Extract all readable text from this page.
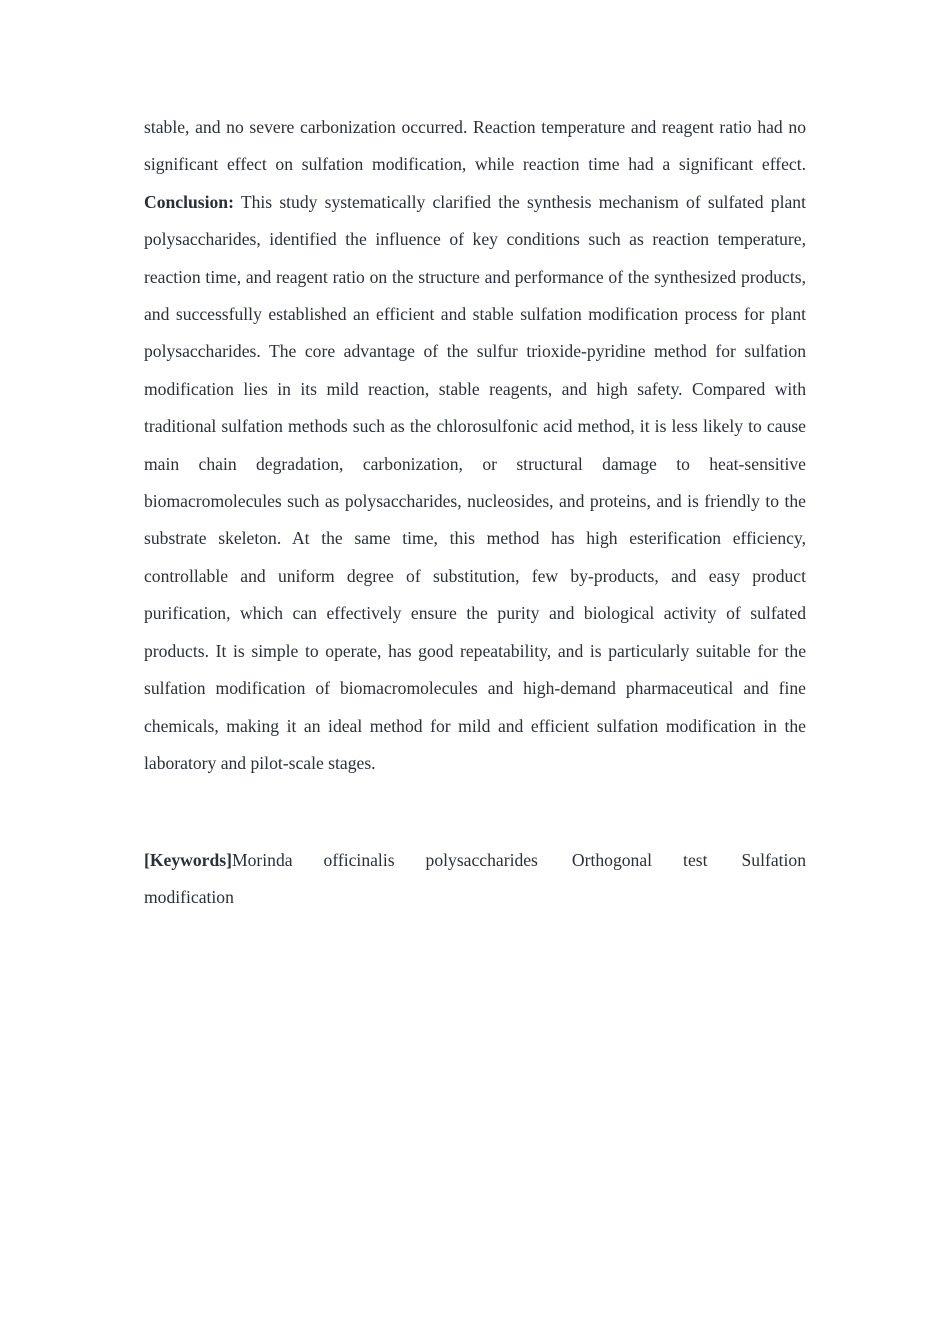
stable, and no severe carbonization occurred. Reaction temperature and reagent ratio had no significant effect on sulfation modification, while reaction time had a significant effect. Conclusion: This study systematically clarified the synthesis mechanism of sulfated plant polysaccharides, identified the influence of key conditions such as reaction temperature, reaction time, and reagent ratio on the structure and performance of the synthesized products, and successfully established an efficient and stable sulfation modification process for plant polysaccharides. The core advantage of the sulfur trioxide-pyridine method for sulfation modification lies in its mild reaction, stable reagents, and high safety. Compared with traditional sulfation methods such as the chlorosulfonic acid method, it is less likely to cause main chain degradation, carbonization, or structural damage to heat-sensitive biomacromolecules such as polysaccharides, nucleosides, and proteins, and is friendly to the substrate skeleton. At the same time, this method has high esterification efficiency, controllable and uniform degree of substitution, few by-products, and easy product purification, which can effectively ensure the purity and biological activity of sulfated products. It is simple to operate, has good repeatability, and is particularly suitable for the sulfation modification of biomacromolecules and high-demand pharmaceutical and fine chemicals, making it an ideal method for mild and efficient sulfation modification in the laboratory and pilot-scale stages.

[Keywords]Morinda officinalis polysaccharides Orthogonal test Sulfation modification
